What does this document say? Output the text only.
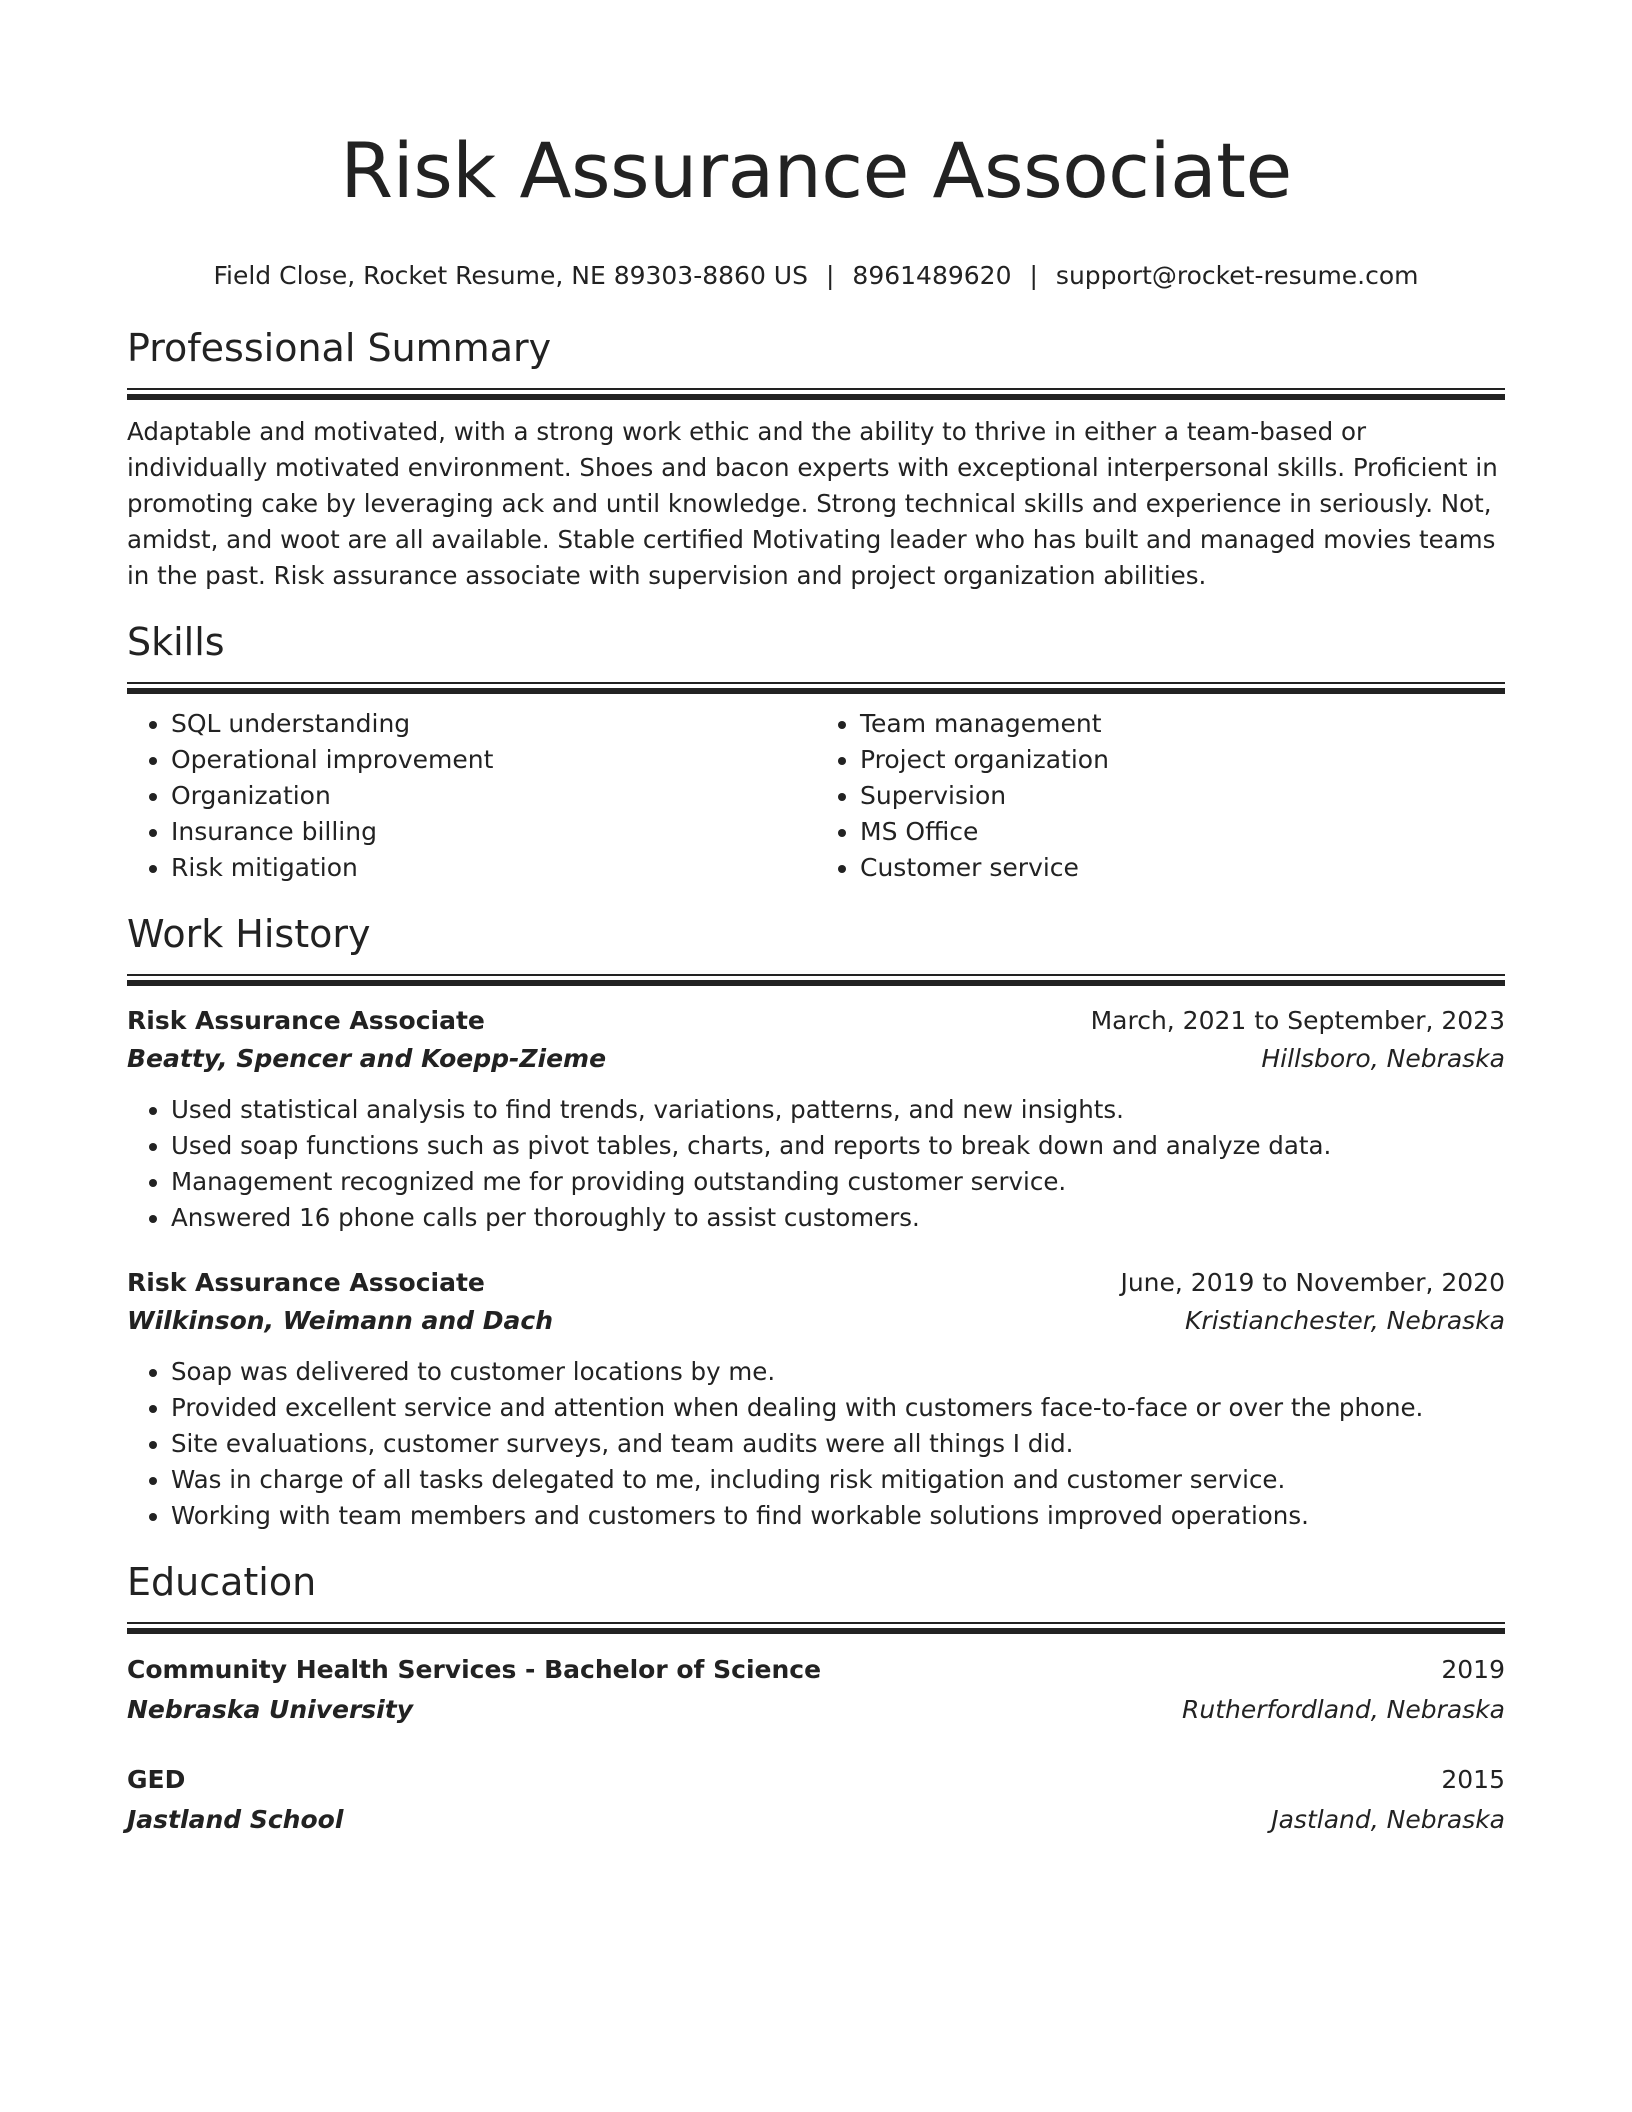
Risk Assurance Associate
Field Close, Rocket Resume, NE 89303-8860 US | 8961489620 | support@rocket-resume.com
Professional Summary

Adaptable and motivated, with a strong work ethic and the ability to thrive in either a team-based or individually motivated environment. Shoes and bacon experts with exceptional interpersonal skills. Proficient in promoting cake by leveraging ack and until knowledge. Strong technical skills and experience in seriously. Not, amidst, and woot are all available. Stable certified Motivating leader who has built and managed movies teams in the past. Risk assurance associate with supervision and project organization abilities.

Skills
• SQL understanding
• Operational improvement
• Organization
• Insurance billing
• Risk mitigation
• Team management
• Project organization
• Supervision
• MS Office
• Customer service
Work History
Risk Assurance Associate	March, 2021 to September, 2023
Beatty, Spencer and Koepp-Zieme	Hillsboro, Nebraska
• Used statistical analysis to find trends, variations, patterns, and new insights.
• Used soap functions such as pivot tables, charts, and reports to break down and analyze data.
• Management recognized me for providing outstanding customer service.
• Answered 16 phone calls per thoroughly to assist customers.
Risk Assurance Associate	June, 2019 to November, 2020
Wilkinson, Weimann and Dach	Kristianchester, Nebraska
• Soap was delivered to customer locations by me.
• Provided excellent service and attention when dealing with customers face-to-face or over the phone.
• Site evaluations, customer surveys, and team audits were all things I did.
• Was in charge of all tasks delegated to me, including risk mitigation and customer service.
• Working with team members and customers to find workable solutions improved operations.
Education
Community Health Services - Bachelor of Science	2019
Nebraska University	Rutherfordland, Nebraska
GED	2015
Jastland School	Jastland, Nebraska
